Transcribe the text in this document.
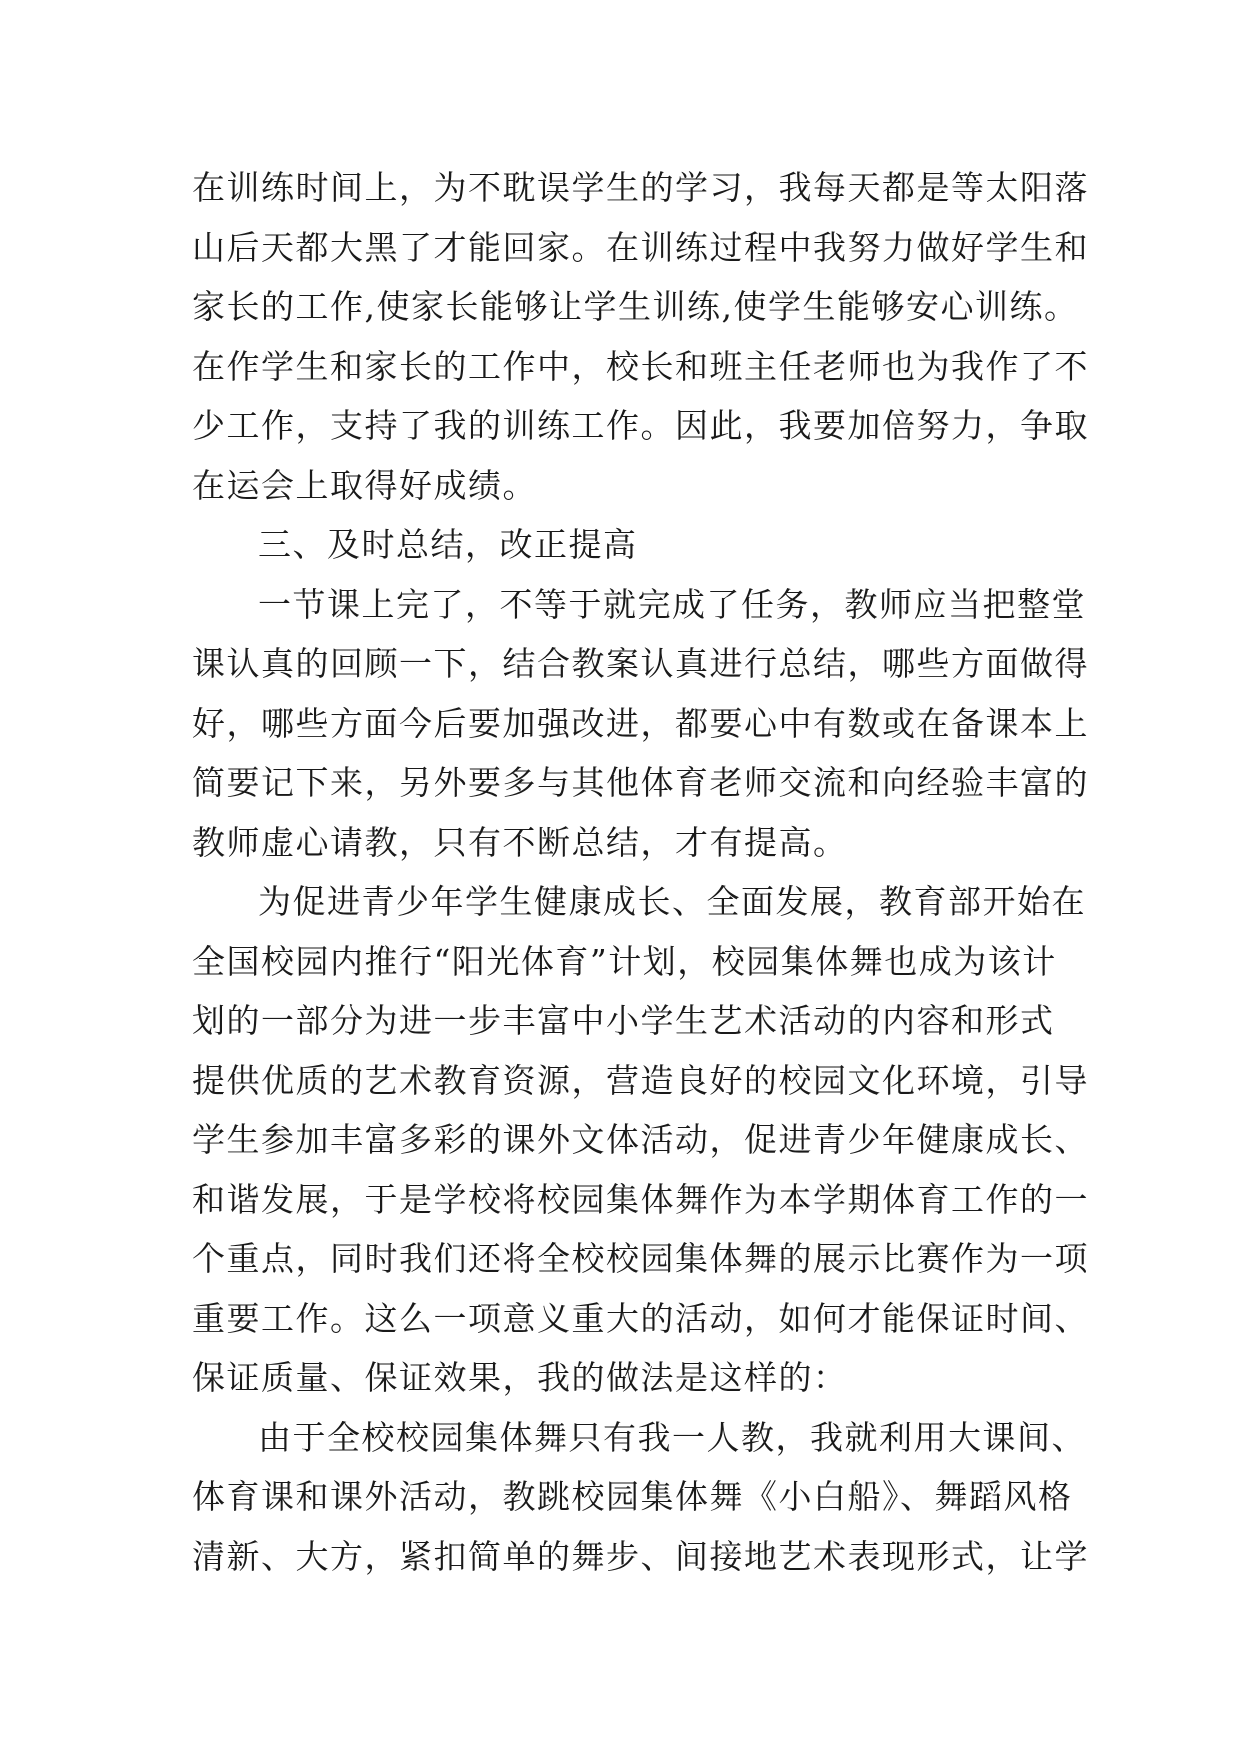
在训练时间上，为不耽误学生的学习，我每天都是等太阳落
山后天都大黑了才能回家。在训练过程中我努力做好学生和
家长的工作,使家长能够让学生训练,使学生能够安心训练。
在作学生和家长的工作中，校长和班主任老师也为我作了不
少工作，支持了我的训练工作。因此，我要加倍努力，争取
在运会上取得好成绩。
三、及时总结，改正提高
一节课上完了，不等于就完成了任务，教师应当把整堂
课认真的回顾一下，结合教案认真进行总结，哪些方面做得
好，哪些方面今后要加强改进，都要心中有数或在备课本上
简要记下来，另外要多与其他体育老师交流和向经验丰富的
教师虚心请教，只有不断总结，才有提高。
为促进青少年学生健康成长、全面发展，教育部开始在
全国校园内推行“阳光体育”计划，校园集体舞也成为该计
划的一部分为进一步丰富中小学生艺术活动的内容和形式
提供优质的艺术教育资源，营造良好的校园文化环境，引导
学生参加丰富多彩的课外文体活动，促进青少年健康成长、
和谐发展，于是学校将校园集体舞作为本学期体育工作的一
个重点，同时我们还将全校校园集体舞的展示比赛作为一项
重要工作。这么一项意义重大的活动，如何才能保证时间、
保证质量、保证效果，我的做法是这样的：
由于全校校园集体舞只有我一人教，我就利用大课间、
体育课和课外活动，教跳校园集体舞《小白船》、舞蹈风格
清新、大方，紧扣简单的舞步、间接地艺术表现形式，让学
